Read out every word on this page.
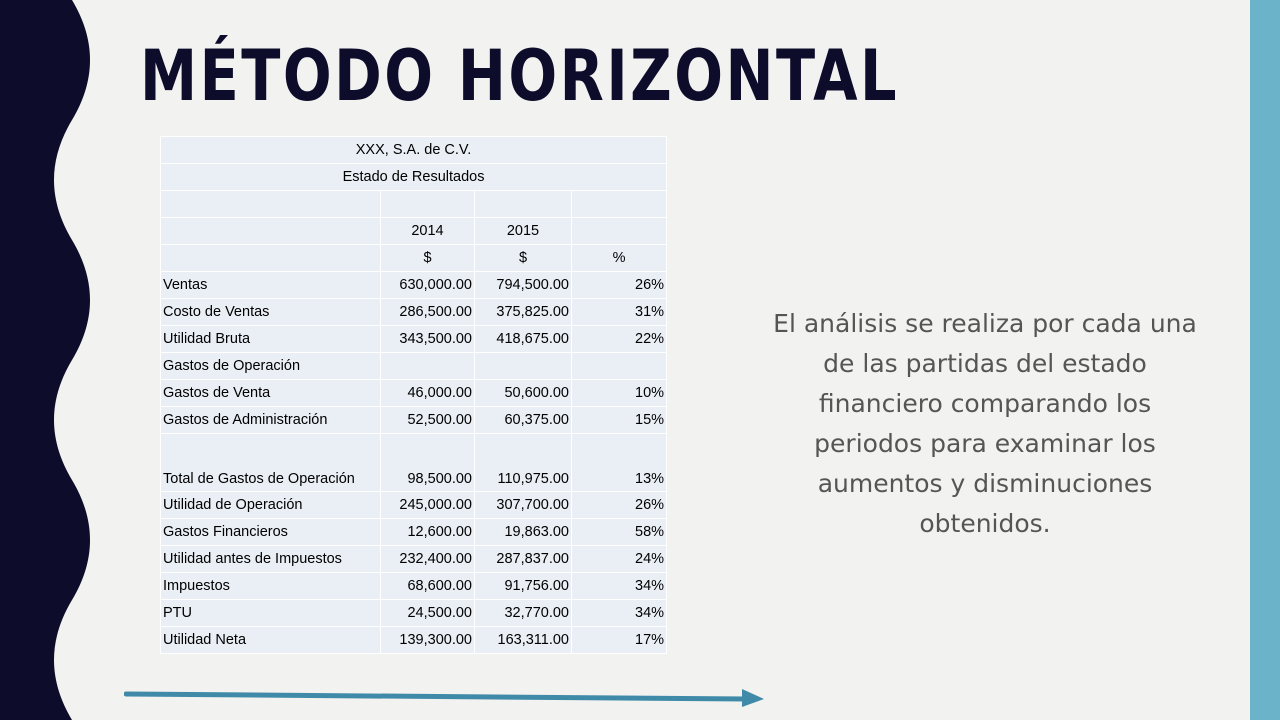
MÉTODO HORIZONTAL
XXX, S.A. de C.V.			
Estado de Resultados			

	2014	2015	
	$	$	%
Ventas	630,000.00	794,500.00	26%
Costo de Ventas	286,500.00	375,825.00	31%
Utilidad Bruta	343,500.00	418,675.00	22%
Gastos de Operación			
Gastos de Venta	46,000.00	50,600.00	10%
Gastos de Administración	52,500.00	60,375.00	15%
Total de Gastos de Operación	98,500.00	110,975.00	13%
Utilidad de Operación	245,000.00	307,700.00	26%
Gastos Financieros	12,600.00	19,863.00	58%
Utilidad antes de Impuestos	232,400.00	287,837.00	24%
Impuestos	68,600.00	91,756.00	34%
PTU	24,500.00	32,770.00	34%
Utilidad Neta	139,300.00	163,311.00	17%

El análisis se realiza por cada una de las partidas del estado financiero comparando los periodos para examinar los aumentos y disminuciones obtenidos.
